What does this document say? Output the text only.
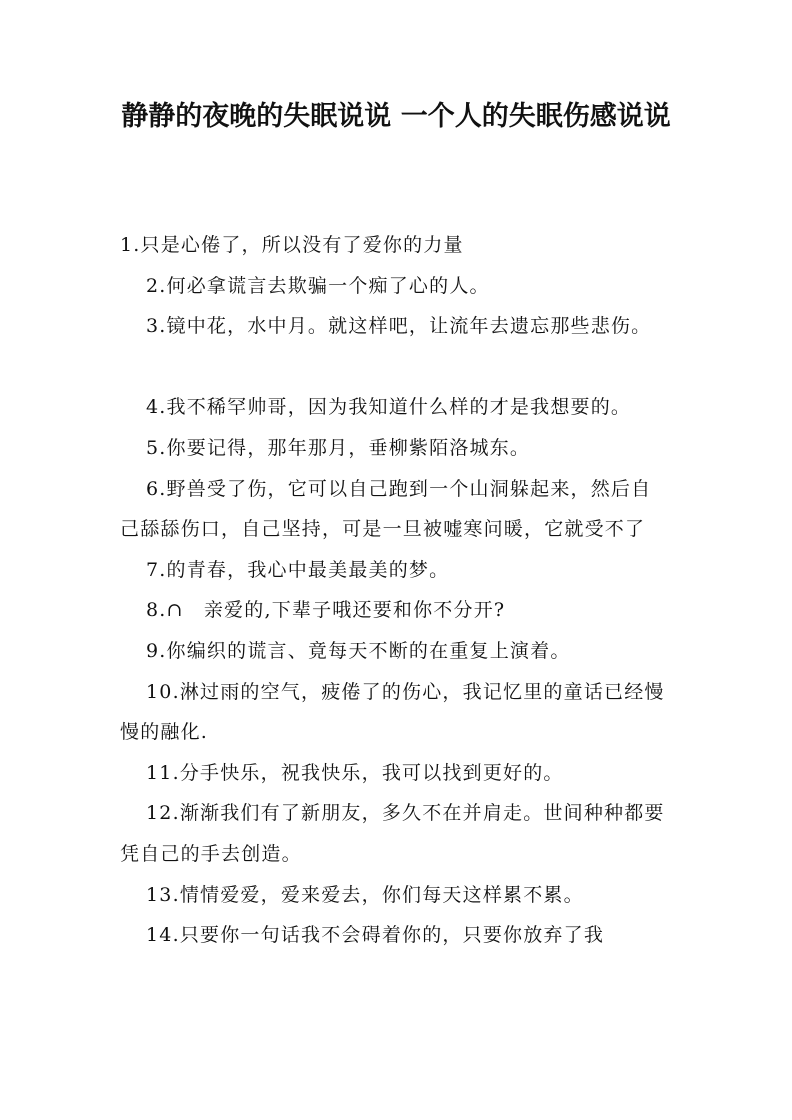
静静的夜晚的失眠说说 一个人的失眠伤感说说

1.只是心倦了，所以没有了爱你的力量

2.何必拿谎言去欺骗一个痴了心的人。

3.镜中花，水中月。就这样吧，让流年去遗忘那些悲伤。

4.我不稀罕帅哥，因为我知道什么样的才是我想要的。

5.你要记得，那年那月，垂柳紫陌洛城东。

6.野兽受了伤，它可以自己跑到一个山洞躲起来，然后自己舔舔伤口，自己坚持，可是一旦被嘘寒问暖，它就受不了

7.的青春，我心中最美最美的梦。

8.∩　亲爱的,下辈子哦还要和你不分开?

9.你编织的谎言、竟每天不断的在重复上演着。

10.淋过雨的空气，疲倦了的伤心，我记忆里的童话已经慢慢的融化.

11.分手快乐，祝我快乐，我可以找到更好的。

12.渐渐我们有了新朋友，多久不在并肩走。世间种种都要凭自己的手去创造。

13.情情爱爱，爱来爱去，你们每天这样累不累。

14.只要你一句话我不会碍着你的，只要你放弃了我
